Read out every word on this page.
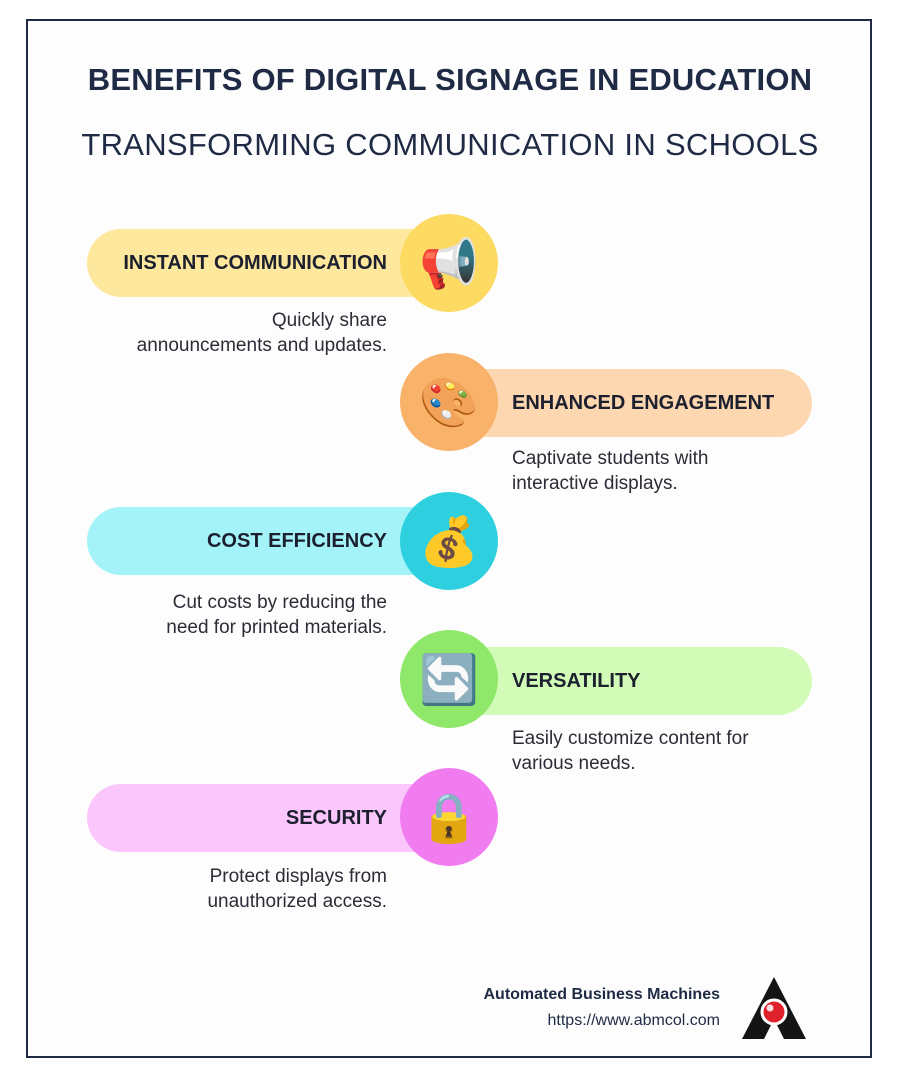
BENEFITS OF DIGITAL SIGNAGE IN EDUCATION
TRANSFORMING COMMUNICATION IN SCHOOLS
INSTANT COMMUNICATION 📢
Quickly share
announcements and updates.
ENHANCED ENGAGEMENT
🎨
Captivate students with
interactive displays.
COST EFFICIENCY 💰
Cut costs by reducing the
need for printed materials.
VERSATILITY
🔄
Easily customize content for
various needs.
SECURITY 🔒
Protect displays from
unauthorized access.
Automated Business Machines
https://www.abmcol.com
